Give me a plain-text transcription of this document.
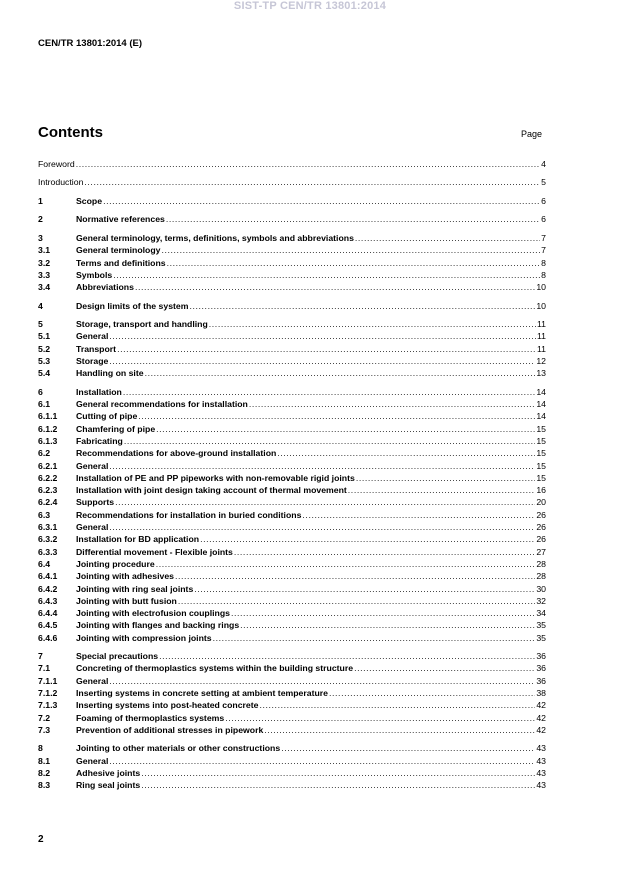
SIST-TP CEN/TR 13801:2014
CEN/TR 13801:2014 (E)
Contents	Page
Foreword .....	4
Introduction .....	5
1	Scope .....	6
2	Normative references .....	6
3	General terminology, terms, definitions, symbols and abbreviations .....	7
3.1	General terminology .....	7
3.2	Terms and definitions .....	8
3.3	Symbols .....	8
3.4	Abbreviations .....	10
4	Design limits of the system .....	10
5	Storage, transport and handling .....	11
5.1	General .....	11
5.2	Transport .....	11
5.3	Storage .....	12
5.4	Handling on site .....	13
6	Installation .....	14
6.1	General recommendations for installation .....	14
6.1.1	Cutting of pipe .....	14
6.1.2	Chamfering of pipe .....	15
6.1.3	Fabricating .....	15
6.2	Recommendations for above-ground installation .....	15
6.2.1	General .....	15
6.2.2	Installation of PE and PP pipeworks with non-removable rigid joints .....	15
6.2.3	Installation with joint design taking account of thermal movement .....	16
6.2.4	Supports .....	20
6.3	Recommendations for installation in buried conditions .....	26
6.3.1	General .....	26
6.3.2	Installation for BD application .....	26
6.3.3	Differential movement - Flexible joints .....	27
6.4	Jointing procedure .....	28
6.4.1	Jointing with adhesives .....	28
6.4.2	Jointing with ring seal joints .....	30
6.4.3	Jointing with butt fusion .....	32
6.4.4	Jointing with electrofusion couplings .....	34
6.4.5	Jointing with flanges and backing rings .....	35
6.4.6	Jointing with compression joints .....	35
7	Special precautions .....	36
7.1	Concreting of thermoplastics systems within the building structure .....	36
7.1.1	General .....	36
7.1.2	Inserting systems in concrete setting at ambient temperature .....	38
7.1.3	Inserting systems into post-heated concrete .....	42
7.2	Foaming of thermoplastics systems .....	42
7.3	Prevention of additional stresses in pipework .....	42
8	Jointing to other materials or other constructions .....	43
8.1	General .....	43
8.2	Adhesive joints .....	43
8.3	Ring seal joints .....	43
2
